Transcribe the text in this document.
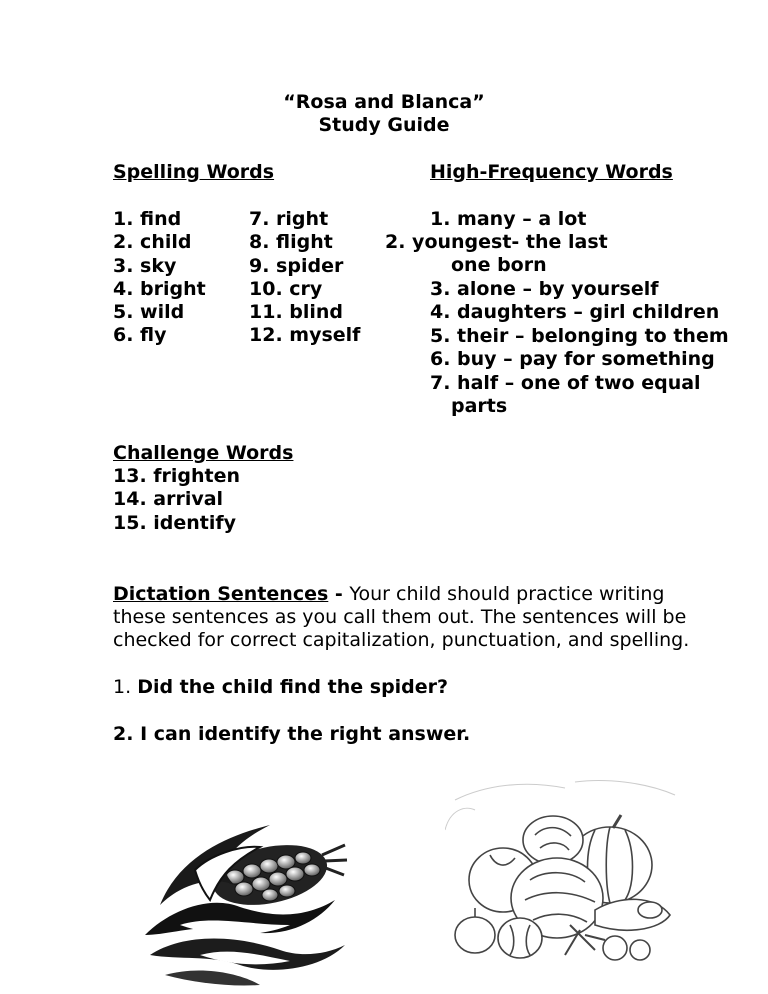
“Rosa and Blanca”
Study Guide
Spelling Words
1. find
2. child
3. sky
4. bright
5. wild
6. fly
7. right
8. flight
9. spider
10. cry
11. blind
12. myself
High-Frequency Words
1. many – a lot
2. youngest- the last
one born
3. alone – by yourself
4. daughters – girl children
5. their – belonging to them
6. buy – pay for something
7. half – one of two equal
parts
Challenge Words
13. frighten
14. arrival
15. identify
Dictation Sentences - Your child should practice writing
these sentences as you call them out. The sentences will be
checked for correct capitalization, punctuation, and spelling.
1. Did the child find the spider?
2. I can identify the right answer.
